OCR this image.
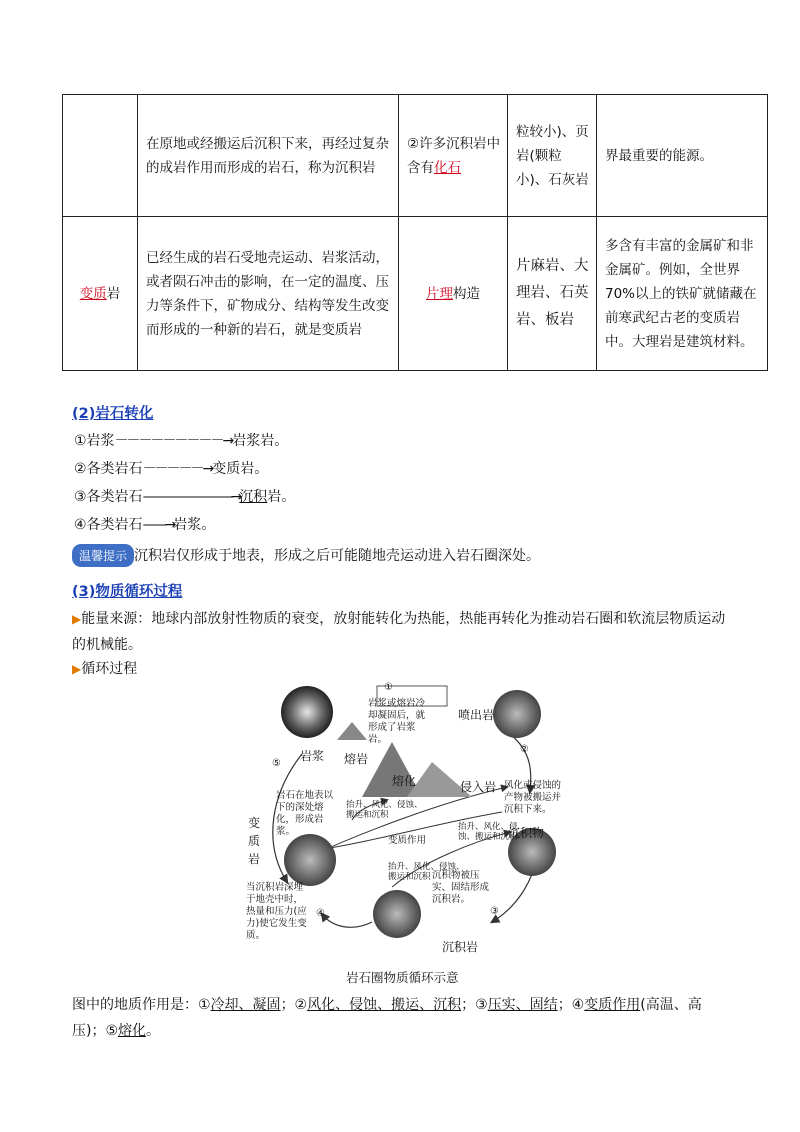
	在原地或经搬运后沉积下来，再经过复杂的成岩作用而形成的岩石，称为沉积岩	②许多沉积岩中含有化石	粒较小)、页岩(颗粒小)、石灰岩	界最重要的能源。
变质岩	已经生成的岩石受地壳运动、岩浆活动，或者陨石冲击的影响，在一定的温度、压力等条件下，矿物成分、结构等发生改变而形成的一种新的岩石，就是变质岩	片理构造	片麻岩、大理岩、石英岩、板岩	多含有丰富的金属矿和非金属矿。例如，全世界70%以上的铁矿就储藏在前寒武纪古老的变质岩中。大理岩是建筑材料。
(2)岩石转化
①岩浆－－－－－－－－－→岩浆岩。
②各类岩石－－－－－→变质岩。
③各类岩石————————→沉积岩。
④各类岩石——→岩浆。
温馨提示 沉积岩仅形成于地表，形成之后可能随地壳运动进入岩石圈深处。
(3)物质循环过程
▶能量来源：地球内部放射性物质的衰变，放射能转化为热能，热能再转化为推动岩石圈和软流层物质运动的机械能。
▶循环过程
岩浆 熔岩
熔化
喷出岩
侵入岩
变质岩
沉积物
沉积岩
①
②
③
④
⑤
岩浆或熔岩冷却凝固后，就形成了岩浆岩。
岩石在地表以下的深处熔化，形成岩浆。
抬升、风化、侵蚀、搬运和沉积
变质作用
抬升、风化、侵蚀、搬运和沉积
抬升、风化、侵蚀、搬运和沉积
风化或侵蚀的产物被搬运并沉积下来。
沉积物被压实、固结形成沉积岩。
当沉积岩深埋于地壳中时，热量和压力(应力)使它发生变质。
岩石圈物质循环示意
图中的地质作用是：①冷却、凝固；②风化、侵蚀、搬运、沉积；③压实、固结；④变质作用(高温、高压)；⑤熔化。
